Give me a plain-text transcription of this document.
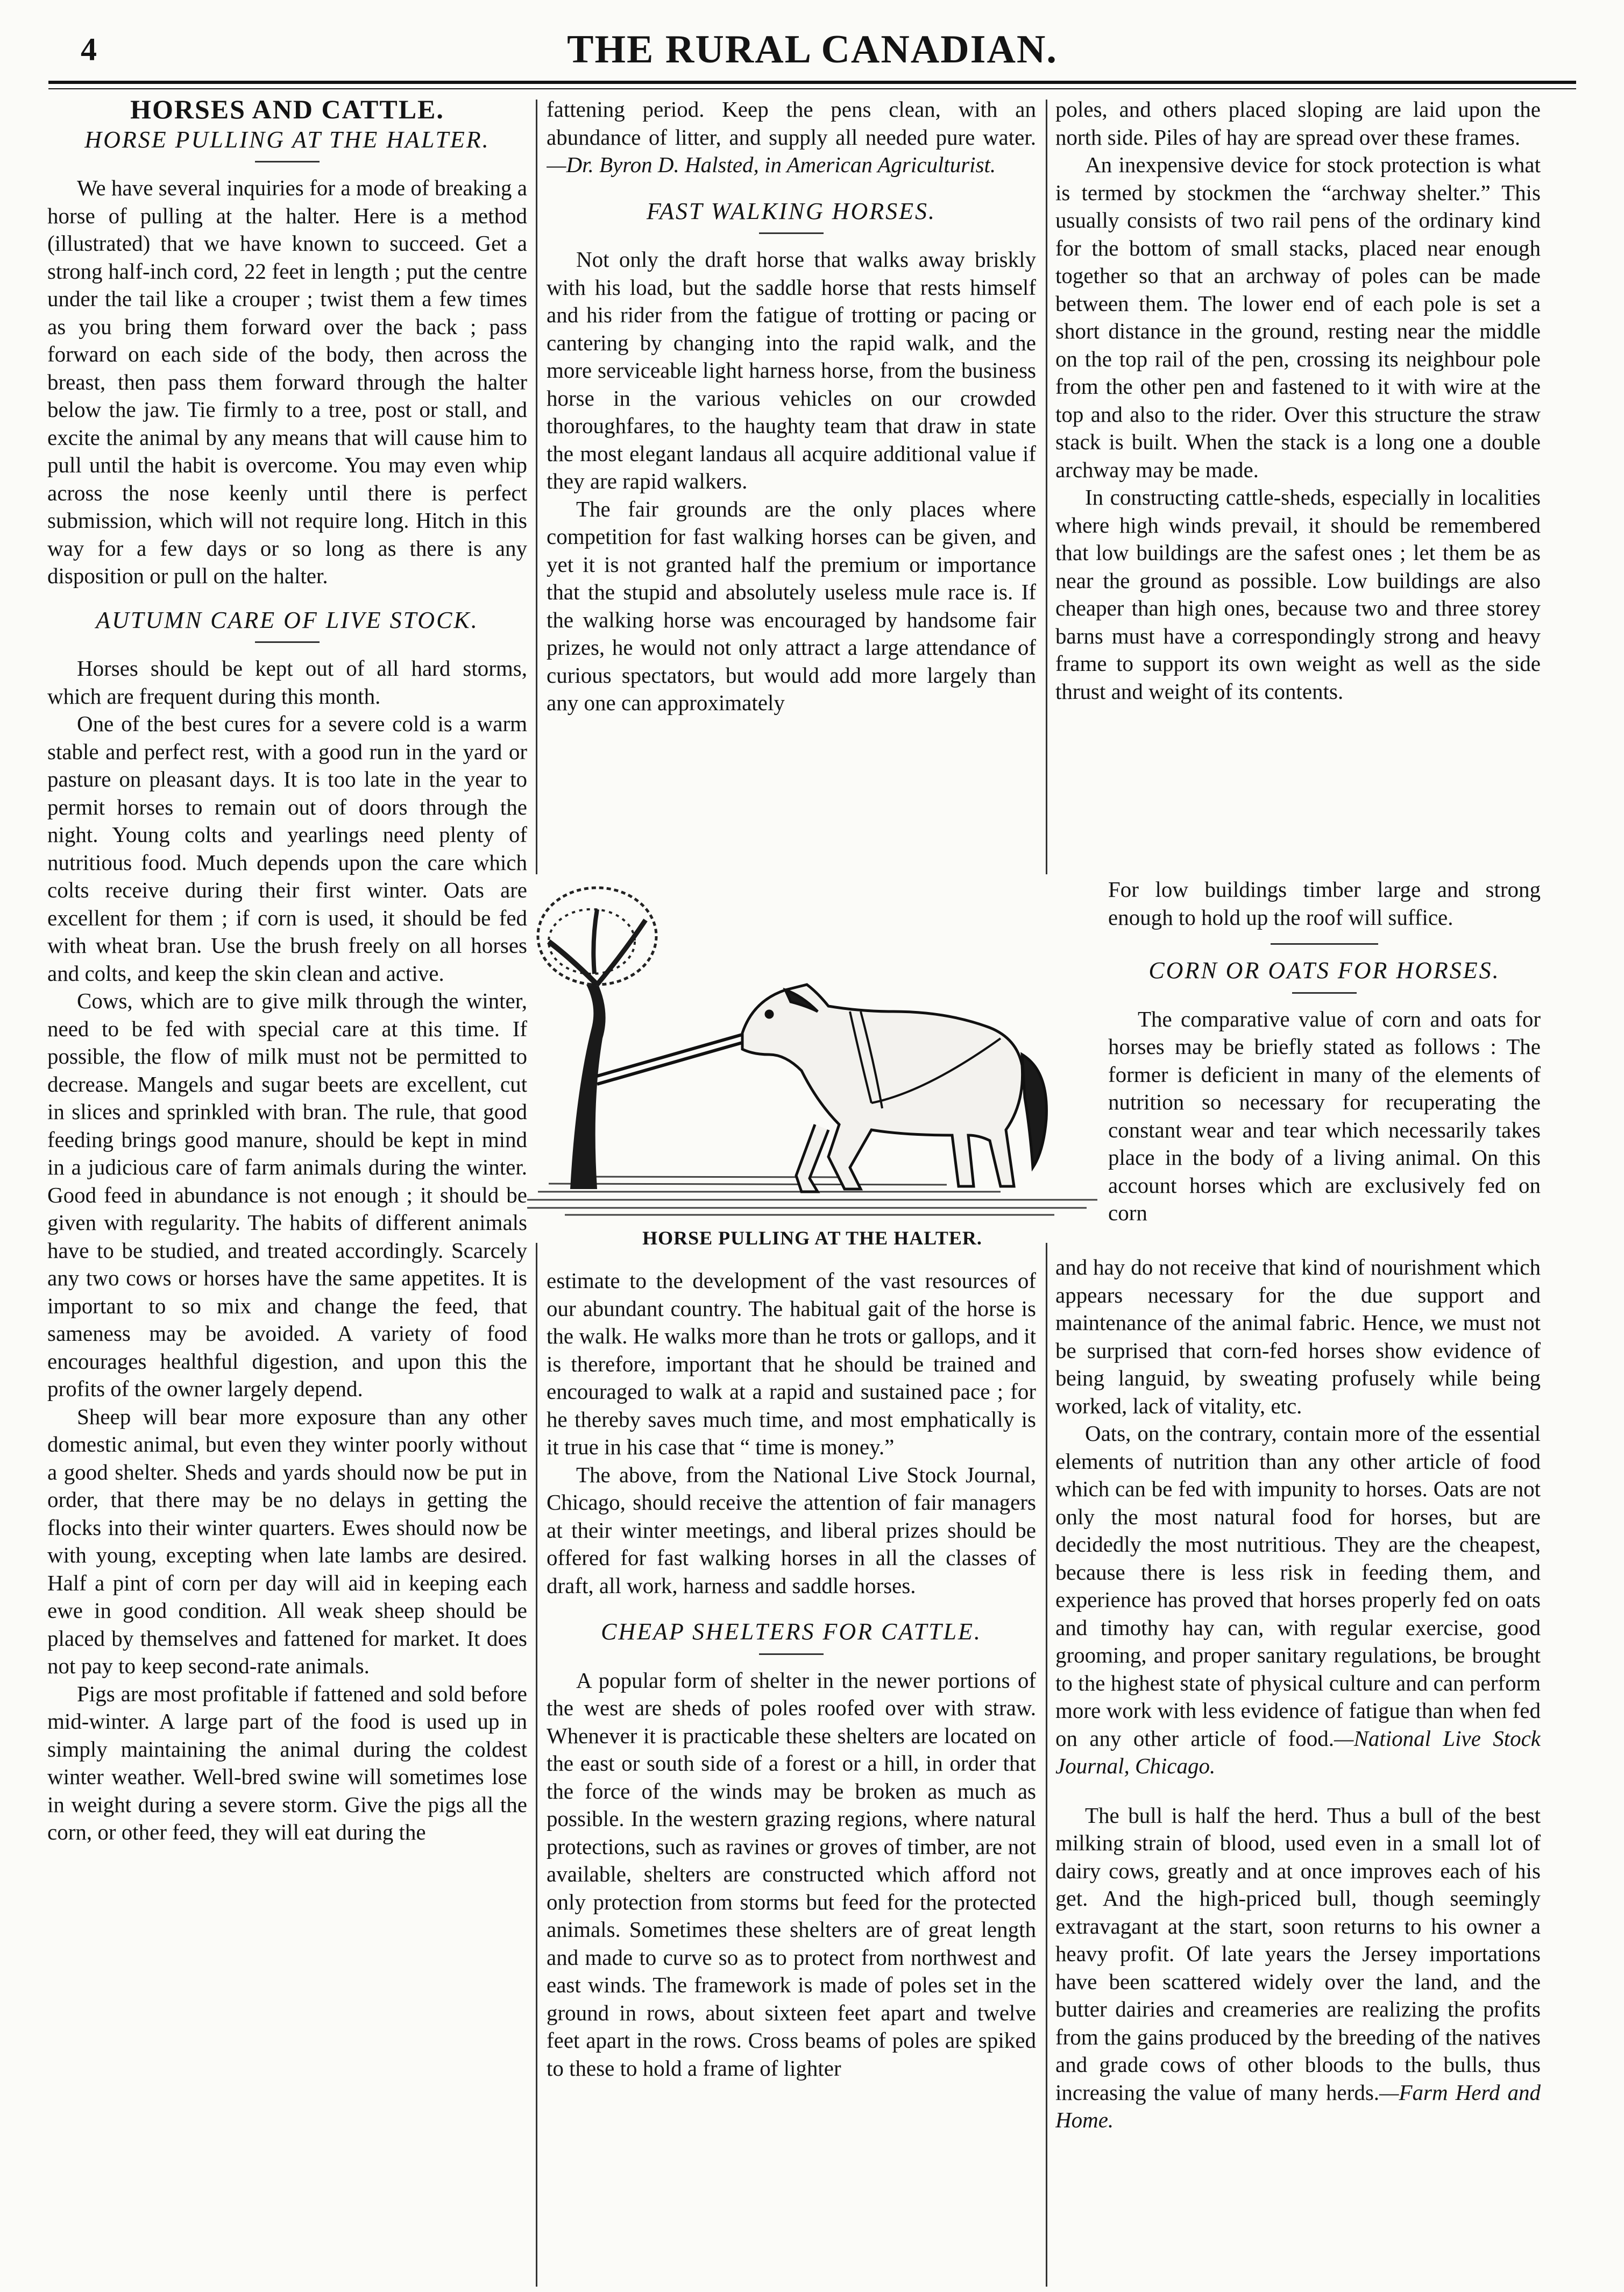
4	THE RURAL CANADIAN.
HORSES AND CATTLE.
HORSE PULLING AT THE HALTER.

We have several inquiries for a mode of breaking a horse of pulling at the halter. Here is a method (illustrated) that we have known to succeed. Get a strong half-inch cord, 22 feet in length ; put the centre under the tail like a crouper ; twist them a few times as you bring them forward over the back ; pass forward on each side of the body, then across the breast, then pass them forward through the halter below the jaw. Tie firmly to a tree, post or stall, and excite the animal by any means that will cause him to pull until the habit is overcome. You may even whip across the nose keenly until there is perfect submission, which will not require long. Hitch in this way for a few days or so long as there is any disposition or pull on the halter.

AUTUMN CARE OF LIVE STOCK.

Horses should be kept out of all hard storms, which are frequent during this month.

One of the best cures for a severe cold is a warm stable and perfect rest, with a good run in the yard or pasture on pleasant days. It is too late in the year to permit horses to remain out of doors through the night. Young colts and yearlings need plenty of nutritious food. Much depends upon the care which colts receive during their first winter. Oats are excellent for them ; if corn is used, it should be fed with wheat bran. Use the brush freely on all horses and colts, and keep the skin clean and active.

Cows, which are to give milk through the winter, need to be fed with special care at this time. If possible, the flow of milk must not be permitted to decrease. Mangels and sugar beets are excellent, cut in slices and sprinkled with bran. The rule, that good feeding brings good manure, should be kept in mind in a judicious care of farm animals during the winter. Good feed in abundance is not enough ; it should be given with regularity. The habits of different animals have to be studied, and treated accordingly. Scarcely any two cows or horses have the same appetites. It is important to so mix and change the feed, that sameness may be avoided. A variety of food encourages healthful digestion, and upon this the profits of the owner largely depend.

Sheep will bear more exposure than any other domestic animal, but even they winter poorly without a good shelter. Sheds and yards should now be put in order, that there may be no delays in getting the flocks into their winter quarters. Ewes should now be with young, excepting when late lambs are desired. Half a pint of corn per day will aid in keeping each ewe in good condition. All weak sheep should be placed by themselves and fattened for market. It does not pay to keep second-rate animals.

Pigs are most profitable if fattened and sold before mid-winter. A large part of the food is used up in simply maintaining the animal during the coldest winter weather. Well-bred swine will sometimes lose in weight during a severe storm. Give the pigs all the corn, or other feed, they will eat during the

fattening period. Keep the pens clean, with an abundance of litter, and supply all needed pure water.—Dr. Byron D. Halsted, in American Agriculturist.

FAST WALKING HORSES.

Not only the draft horse that walks away briskly with his load, but the saddle horse that rests himself and his rider from the fatigue of trotting or pacing or cantering by changing into the rapid walk, and the more serviceable light harness horse, from the business horse in the various vehicles on our crowded thoroughfares, to the haughty team that draw in state the most elegant landaus all acquire additional value if they are rapid walkers.

The fair grounds are the only places where competition for fast walking horses can be given, and yet it is not granted half the premium or importance that the stupid and absolutely useless mule race is. If the walking horse was encouraged by handsome fair prizes, he would not only attract a large attendance of curious spectators, but would add more largely than any one can approximately

poles, and others placed sloping are laid upon the north side. Piles of hay are spread over these frames.

An inexpensive device for stock protection is what is termed by stockmen the “archway shelter.” This usually consists of two rail pens of the ordinary kind for the bottom of small stacks, placed near enough together so that an archway of poles can be made between them. The lower end of each pole is set a short distance in the ground, resting near the middle on the top rail of the pen, crossing its neighbour pole from the other pen and fastened to it with wire at the top and also to the rider. Over this structure the straw stack is built. When the stack is a long one a double archway may be made.

In constructing cattle-sheds, especially in localities where high winds prevail, it should be remembered that low buildings are the safest ones ; let them be as near the ground as possible. Low buildings are also cheaper than high ones, because two and three storey barns must have a correspondingly strong and heavy frame to support its own weight as well as the side thrust and weight of its contents.

HORSE PULLING AT THE HALTER.

estimate to the development of the vast resources of our abundant country. The habitual gait of the horse is the walk. He walks more than he trots or gallops, and it is therefore, important that he should be trained and encouraged to walk at a rapid and sustained pace ; for he thereby saves much time, and most emphatically is it true in his case that “ time is money.”

The above, from the National Live Stock Journal, Chicago, should receive the attention of fair managers at their winter meetings, and liberal prizes should be offered for fast walking horses in all the classes of draft, all work, harness and saddle horses.

CHEAP SHELTERS FOR CATTLE.

A popular form of shelter in the newer portions of the west are sheds of poles roofed over with straw. Whenever it is practicable these shelters are located on the east or south side of a forest or a hill, in order that the force of the winds may be broken as much as possible. In the western grazing regions, where natural protections, such as ravines or groves of timber, are not available, shelters are constructed which afford not only protection from storms but feed for the protected animals. Sometimes these shelters are of great length and made to curve so as to protect from northwest and east winds. The framework is made of poles set in the ground in rows, about sixteen feet apart and twelve feet apart in the rows. Cross beams of poles are spiked to these to hold a frame of lighter

For low buildings timber large and strong enough to hold up the roof will suffice.

CORN OR OATS FOR HORSES.

The comparative value of corn and oats for horses may be briefly stated as follows : The former is deficient in many of the elements of nutrition so necessary for recuperating the constant wear and tear which necessarily takes place in the body of a living animal. On this account horses which are exclusively fed on corn

and hay do not receive that kind of nourishment which appears necessary for the due support and maintenance of the animal fabric. Hence, we must not be surprised that corn-fed horses show evidence of being languid, by sweating profusely while being worked, lack of vitality, etc.

Oats, on the contrary, contain more of the essential elements of nutrition than any other article of food which can be fed with impunity to horses. Oats are not only the most natural food for horses, but are decidedly the most nutritious. They are the cheapest, because there is less risk in feeding them, and experience has proved that horses properly fed on oats and timothy hay can, with regular exercise, good grooming, and proper sanitary regulations, be brought to the highest state of physical culture and can perform more work with less evidence of fatigue than when fed on any other article of food.—National Live Stock Journal, Chicago.

The bull is half the herd. Thus a bull of the best milking strain of blood, used even in a small lot of dairy cows, greatly and at once improves each of his get. And the high-priced bull, though seemingly extravagant at the start, soon returns to his owner a heavy profit. Of late years the Jersey importations have been scattered widely over the land, and the butter dairies and creameries are realizing the profits from the gains produced by the breeding of the natives and grade cows of other bloods to the bulls, thus increasing the value of many herds.—Farm Herd and Home.
